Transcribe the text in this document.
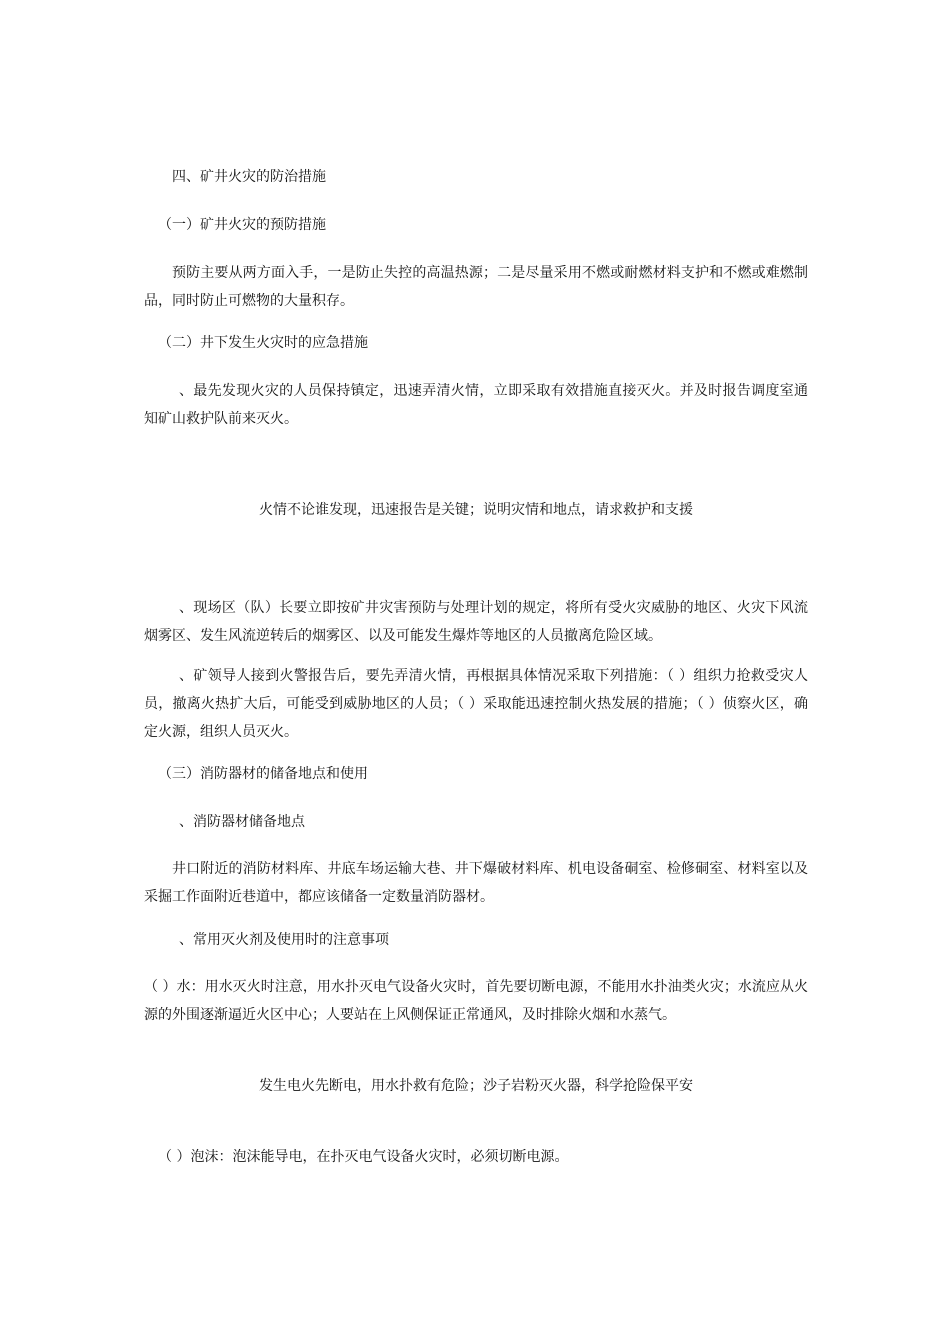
四、矿井火灾的防治措施
（一）矿井火灾的预防措施
预防主要从两方面入手，一是防止失控的高温热源；二是尽量采用不燃或耐燃材料支护和不燃或难燃制品，同时防止可燃物的大量积存。
（二）井下发生火灾时的应急措施
、最先发现火灾的人员保持镇定，迅速弄清火情，立即采取有效措施直接灭火。并及时报告调度室通知矿山救护队前来灭火。
火情不论谁发现，迅速报告是关键；说明灾情和地点，请求救护和支援
、现场区（队）长要立即按矿井灾害预防与处理计划的规定，将所有受火灾威胁的地区、火灾下风流烟雾区、发生风流逆转后的烟雾区、以及可能发生爆炸等地区的人员撤离危险区域。
、矿领导人接到火警报告后，要先弄清火情，再根据具体情况采取下列措施：（ ）组织力抢救受灾人员，撤离火热扩大后，可能受到威胁地区的人员；（ ）采取能迅速控制火热发展的措施；（ ）侦察火区，确定火源，组织人员灭火。
（三）消防器材的储备地点和使用
、消防器材储备地点
井口附近的消防材料库、井底车场运输大巷、井下爆破材料库、机电设备硐室、检修硐室、材料室以及采掘工作面附近巷道中，都应该储备一定数量消防器材。
、常用灭火剂及使用时的注意事项
（ ）水：用水灭火时注意，用水扑灭电气设备火灾时，首先要切断电源，不能用水扑油类火灾；水流应从火源的外围逐渐逼近火区中心；人要站在上风侧保证正常通风，及时排除火烟和水蒸气。
发生电火先断电，用水扑救有危险；沙子岩粉灭火器，科学抢险保平安
（ ）泡沫：泡沫能导电，在扑灭电气设备火灾时，必须切断电源。
